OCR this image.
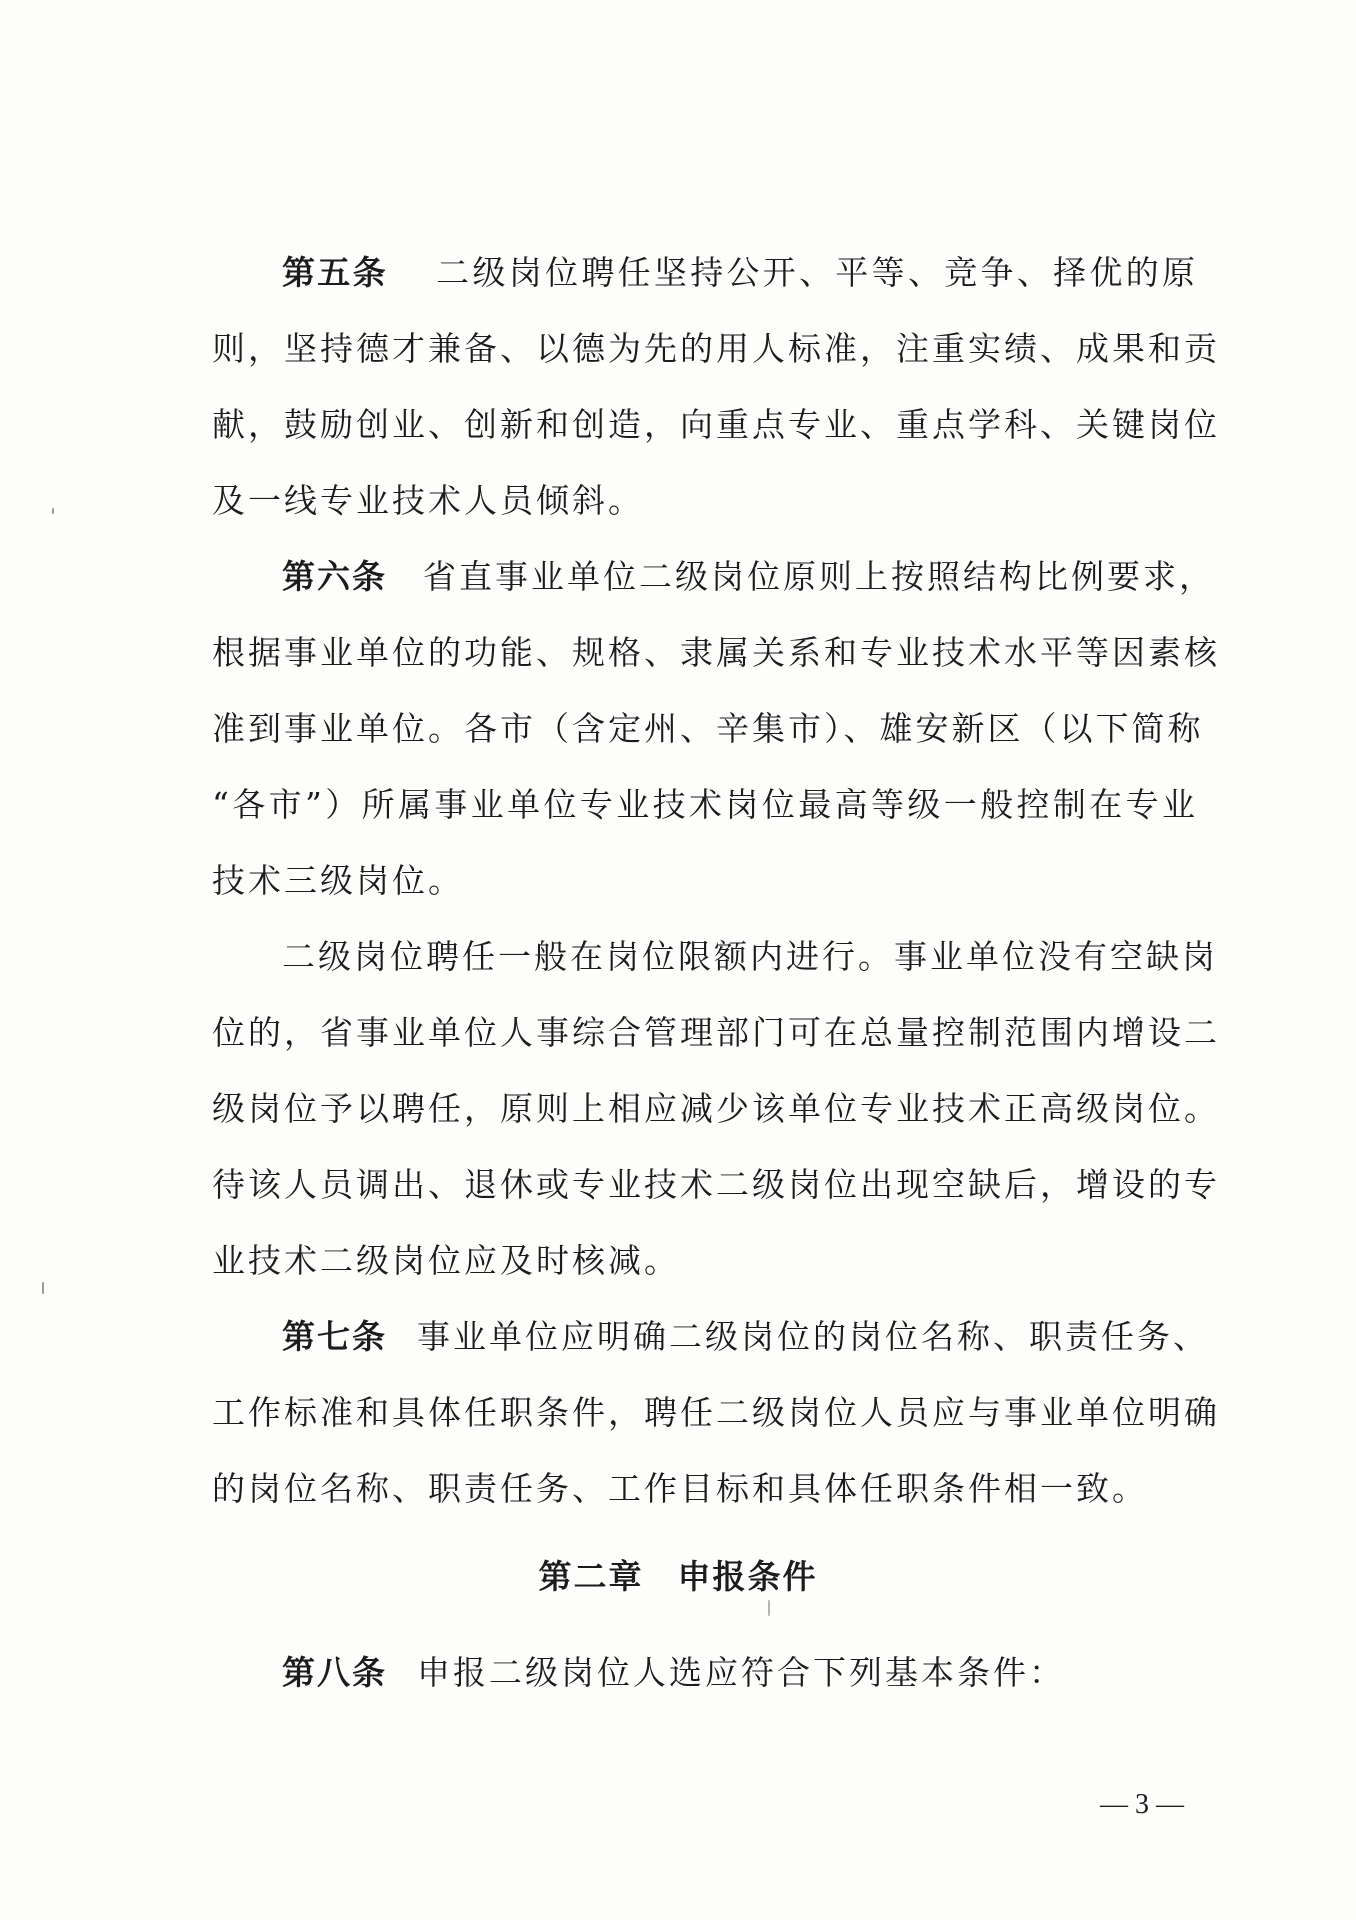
第五条 二级岗位聘任坚持公开、平等、竞争、择优的原
则，坚持德才兼备、以德为先的用人标准，注重实绩、成果和贡
献，鼓励创业、创新和创造，向重点专业、重点学科、关键岗位
及一线专业技术人员倾斜。
第六条 省直事业单位二级岗位原则上按照结构比例要求，
根据事业单位的功能、规格、隶属关系和专业技术水平等因素核
准到事业单位。各市（含定州、辛集市）、雄安新区（以下简称
“各市”）所属事业单位专业技术岗位最高等级一般控制在专业
技术三级岗位。
二级岗位聘任一般在岗位限额内进行。事业单位没有空缺岗
位的，省事业单位人事综合管理部门可在总量控制范围内增设二
级岗位予以聘任，原则上相应减少该单位专业技术正高级岗位。
待该人员调出、退休或专业技术二级岗位出现空缺后，增设的专
业技术二级岗位应及时核减。
第七条 事业单位应明确二级岗位的岗位名称、职责任务、
工作标准和具体任职条件，聘任二级岗位人员应与事业单位明确
的岗位名称、职责任务、工作目标和具体任职条件相一致。
第二章 申报条件
第八条 申报二级岗位人选应符合下列基本条件：
— 3 —
